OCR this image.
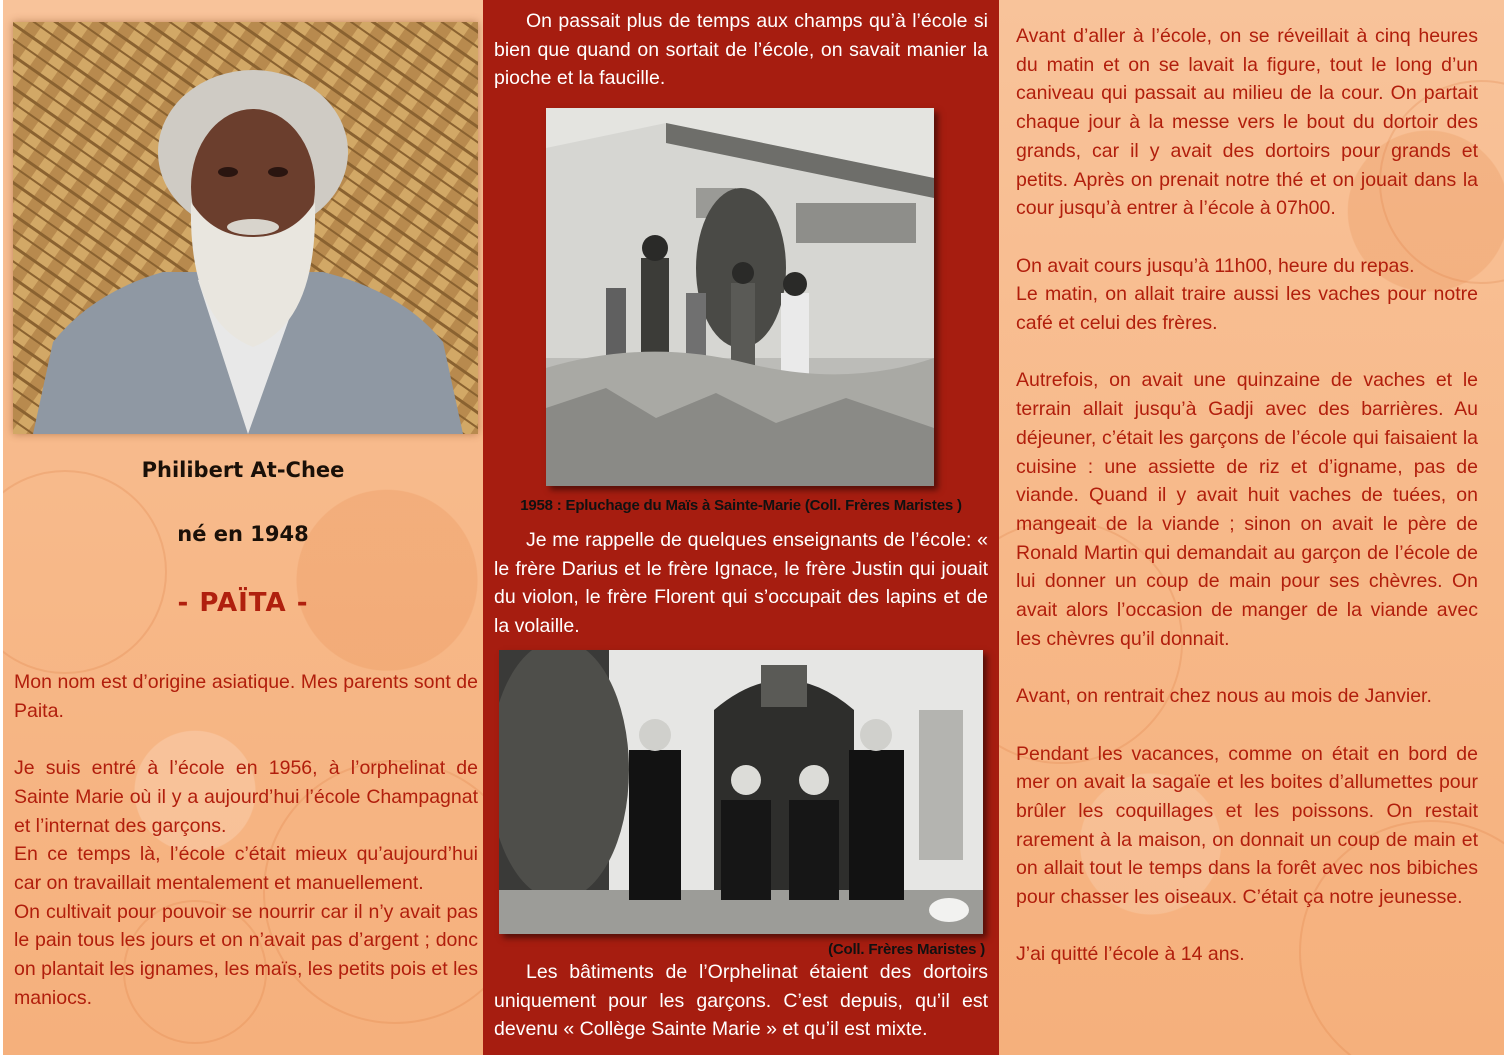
Philibert At-Chee
né en 1948
- PAÏTA -

Mon nom est d’origine asiatique. Mes parents sont de Paita.

Je suis entré à l’école en 1956, à l’orphelinat de Sainte Marie où il y a aujourd’hui l’école Champagnat et l’internat des garçons.

En ce temps là, l’école c’était mieux qu’aujourd’hui car on travaillait mentalement et manuellement.

On cultivait pour pouvoir se nourrir car il n’y avait pas le pain tous les jours et on n’avait pas d’argent ; donc on plantait les ignames, les maïs, les petits pois et les maniocs.

On passait plus de temps aux champs qu’à l’école si bien que quand on sortait de l’école, on savait manier la pioche et la faucille.

1958 : Epluchage du Maïs à Sainte-Marie (Coll. Frères Maristes )

Je me rappelle de quelques enseignants de l’école: « le frère Darius et le frère Ignace, le frère Justin qui jouait du violon, le frère Florent qui s’occupait des lapins et de la volaille.

(Coll. Frères Maristes )

Les bâtiments de l’Orphelinat étaient des dortoirs uniquement pour les garçons. C’est depuis, qu’il est devenu « Collège Sainte Marie » et qu’il est mixte.

Avant d’aller à l’école, on se réveillait à cinq heures du matin et on se lavait la figure, tout le long d’un caniveau qui passait au milieu de la cour. On partait chaque jour à la messe vers le bout du dortoir des grands, car il y avait des dortoirs pour grands et petits. Après on prenait notre thé et on jouait dans la cour jusqu’à entrer à l’école à 07h00.

On avait cours jusqu’à 11h00, heure du repas.

Le matin, on allait traire aussi les vaches pour notre café et celui des frères.

Autrefois, on avait une quinzaine de vaches et le terrain allait jusqu’à Gadji avec des barrières. Au déjeuner, c’était les garçons de l’école qui faisaient la cuisine : une assiette de riz et d’igname, pas de viande. Quand il y avait huit vaches de tuées, on mangeait de la viande ; sinon on avait le père de Ronald Martin qui demandait au garçon de l’école de lui donner un coup de main pour ses chèvres. On avait alors l’occasion de manger de la viande avec les chèvres qu’il donnait.

Avant, on rentrait chez nous au mois de Janvier.

Pendant les vacances, comme on était en bord de mer on avait la sagaïe et les boites d’allumettes pour brûler les coquillages et les poissons. On restait rarement à la maison, on donnait un coup de main et on allait tout le temps dans la forêt avec nos bibiches pour chasser les oiseaux. C’était ça notre jeunesse.

J’ai quitté l’école à 14 ans.
